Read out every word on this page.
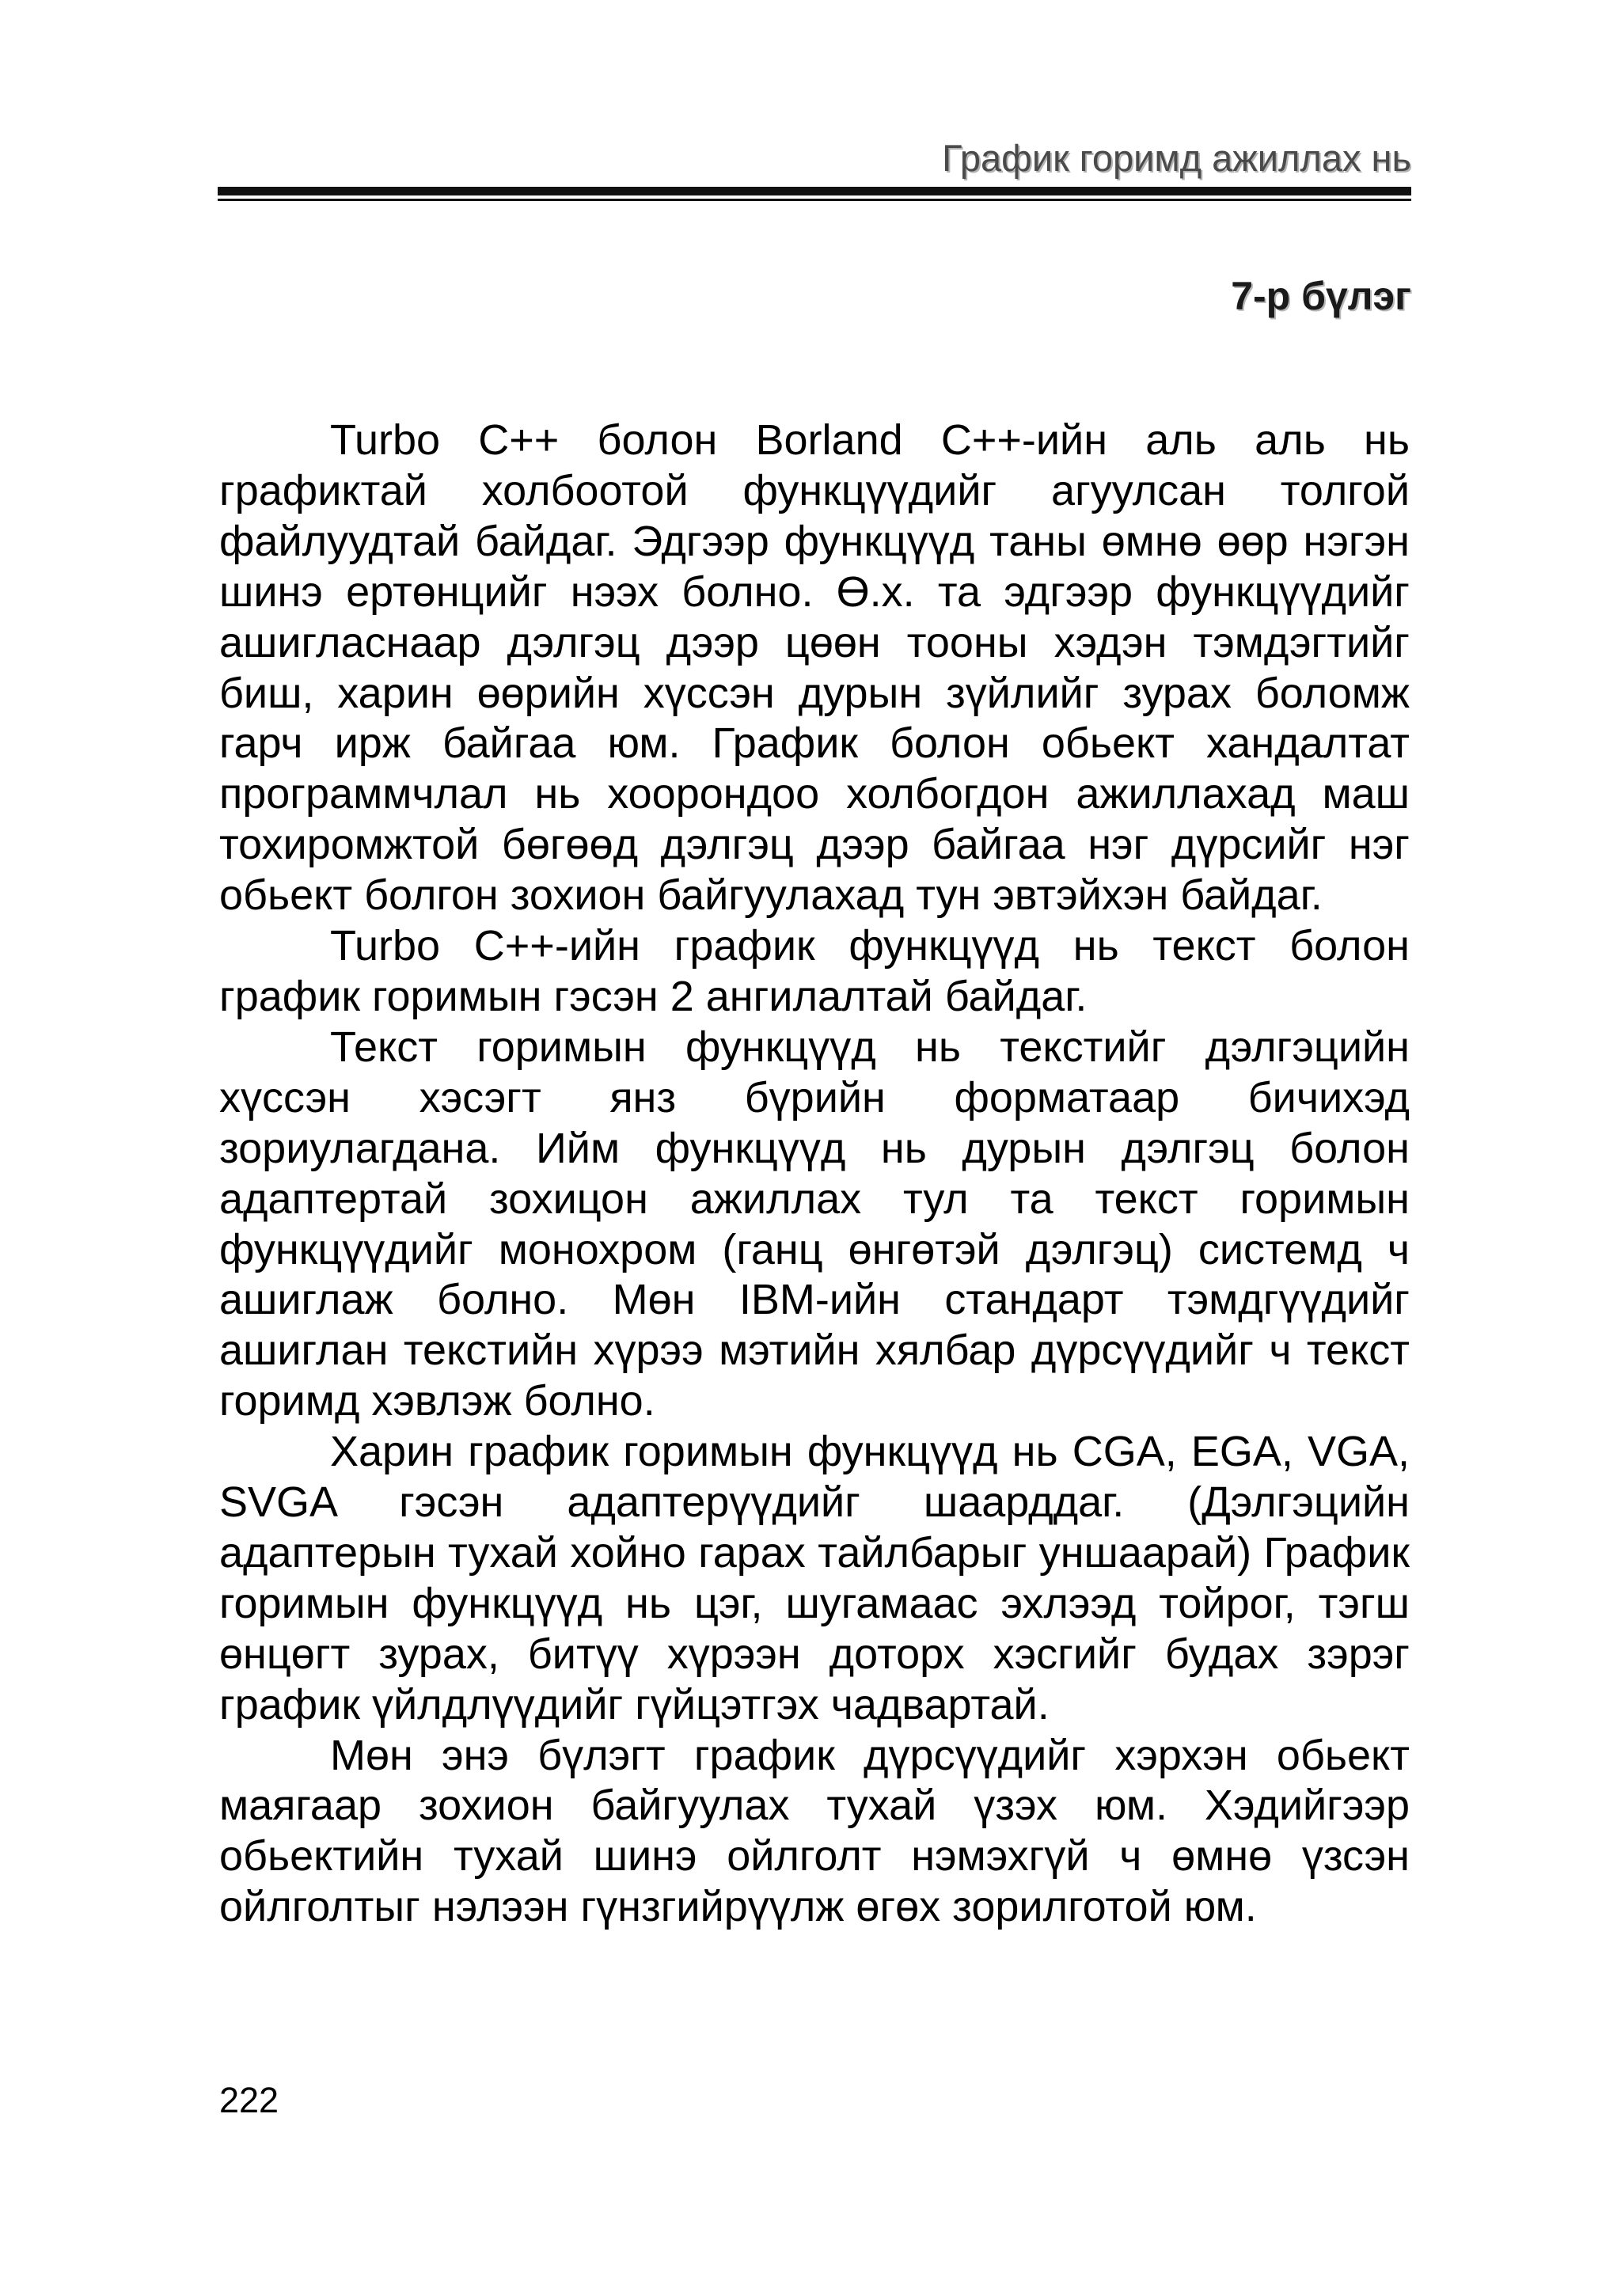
График горимд ажиллах нь
7-р бүлэг

Turbo C++ болон Borland C++-ийн аль аль нь графиктай холбоотой функцүүдийг агуулсан толгой файлуудтай байдаг. Эдгээр функцүүд таны өмнө өөр нэгэн шинэ ертөнцийг нээх болно. Ө.х. та эдгээр функцүүдийг ашигласнаар дэлгэц дээр цөөн тооны хэдэн тэмдэгтийг биш, харин өөрийн хүссэн дурын зүйлийг зурах боломж гарч ирж байгаа юм. График болон обьект хандалтат программчлал нь хоорондоо холбогдон ажиллахад маш тохиромжтой бөгөөд дэлгэц дээр байгаа нэг дүрсийг нэг обьект болгон зохион байгуулахад тун эвтэйхэн байдаг.

Turbo C++-ийн график функцүүд нь текст болон график горимын гэсэн 2 ангилалтай байдаг.

Текст горимын функцүүд нь текстийг дэлгэцийн хүссэн хэсэгт янз бүрийн форматаар бичихэд зориулагдана. Ийм функцүүд нь дурын дэлгэц болон адаптертай зохицон ажиллах тул та текст горимын функцүүдийг монохром (ганц өнгөтэй дэлгэц) системд ч ашиглаж болно. Мөн IBM-ийн стандарт тэмдгүүдийг ашиглан текстийн хүрээ мэтийн хялбар дүрсүүдийг ч текст горимд хэвлэж болно.

Харин график горимын функцүүд нь CGA, EGA, VGA, SVGA гэсэн адаптерүүдийг шаарддаг. (Дэлгэцийн адаптерын тухай хойно гарах тайлбарыг уншаарай) График горимын функцүүд нь цэг, шугамаас эхлээд тойрог, тэгш өнцөгт зурах, битүү хүрээн доторх хэсгийг будах зэрэг график үйлдлүүдийг гүйцэтгэх чадвартай.

Мөн энэ бүлэгт график дүрсүүдийг хэрхэн обьект маягаар зохион байгуулах тухай үзэх юм. Хэдийгээр обьектийн тухай шинэ ойлголт нэмэхгүй ч өмнө үзсэн ойлголтыг нэлээн гүнзгийрүүлж өгөх зорилготой юм.

222
